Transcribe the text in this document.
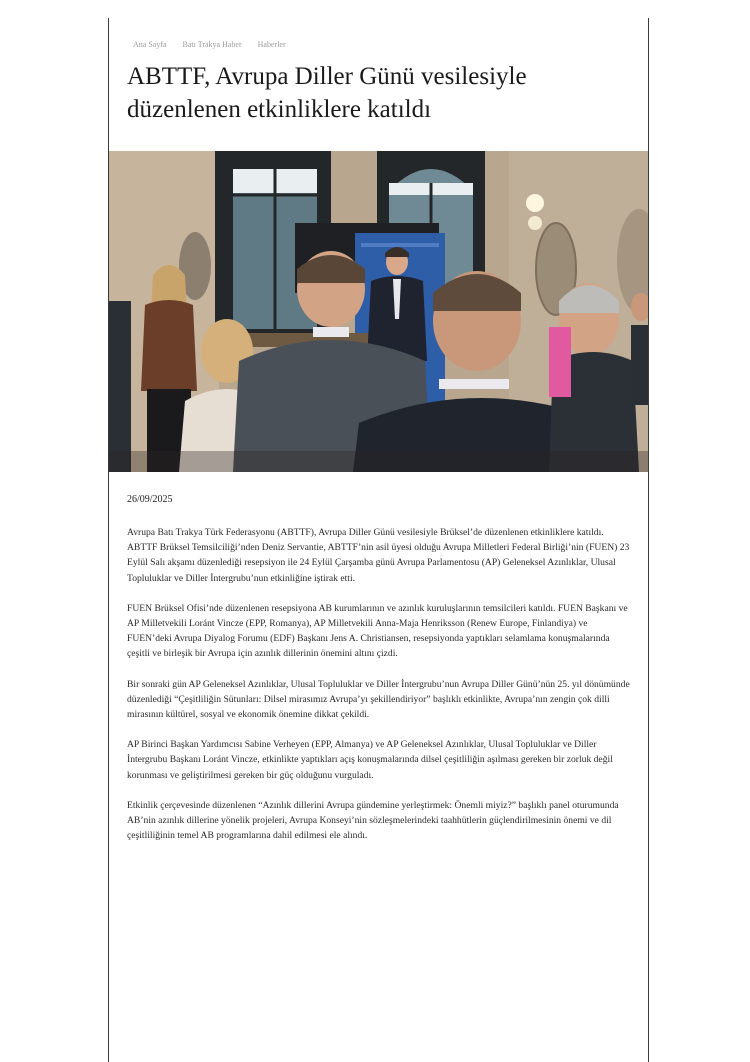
Ana Sayfa Batı Trakya Haber Haberler
ABTTF, Avrupa Diller Günü vesilesiyle düzenlenen etkinliklere katıldı
26/09/2025

Avrupa Batı Trakya Türk Federasyonu (ABTTF), Avrupa Diller Günü vesilesiyle Brüksel’de düzenlenen etkinliklere katıldı. ABTTF Brüksel Temsilciliği’nden Deniz Servantie, ABTTF’nin asil üyesi olduğu Avrupa Milletleri Federal Birliği’nin (FUEN) 23 Eylül Salı akşamı düzenlediği resepsiyon ile 24 Eylül Çarşamba günü Avrupa Parlamentosu (AP) Geleneksel Azınlıklar, Ulusal Topluluklar ve Diller İntergrubu’nun etkinliğine iştirak etti.

FUEN Brüksel Ofisi’nde düzenlenen resepsiyona AB kurumlarının ve azınlık kuruluşlarının temsilcileri katıldı. FUEN Başkanı ve AP Milletvekili Loránt Vincze (EPP, Romanya), AP Milletvekili Anna-Maja Henriksson (Renew Europe, Finlandiya) ve FUEN’deki Avrupa Diyalog Forumu (EDF) Başkanı Jens A. Christiansen, resepsiyonda yaptıkları selamlama konuşmalarında çeşitli ve birleşik bir Avrupa için azınlık dillerinin önemini altını çizdi.

Bir sonraki gün AP Geleneksel Azınlıklar, Ulusal Topluluklar ve Diller İntergrubu’nun Avrupa Diller Günü’nün 25. yıl dönümünde düzenlediği “Çeşitliliğin Sütunları: Dilsel mirasımız Avrupa’yı şekillendiriyor” başlıklı etkinlikte, Avrupa’nın zengin çok dilli mirasının kültürel, sosyal ve ekonomik önemine dikkat çekildi.

AP Birinci Başkan Yardımcısı Sabine Verheyen (EPP, Almanya) ve AP Geleneksel Azınlıklar, Ulusal Topluluklar ve Diller İntergrubu Başkanı Loránt Vincze, etkinlikte yaptıkları açış konuşmalarında dilsel çeşitliliğin aşılması gereken bir zorluk değil korunması ve geliştirilmesi gereken bir güç olduğunu vurguladı.

Etkinlik çerçevesinde düzenlenen “Azınlık dillerini Avrupa gündemine yerleştirmek: Önemli miyiz?” başlıklı panel oturumunda AB’nin azınlık dillerine yönelik projeleri, Avrupa Konseyi’nin sözleşmelerindeki taahhütlerin güçlendirilmesinin önemi ve dil çeşitliliğinin temel AB programlarına dahil edilmesi ele alındı.
